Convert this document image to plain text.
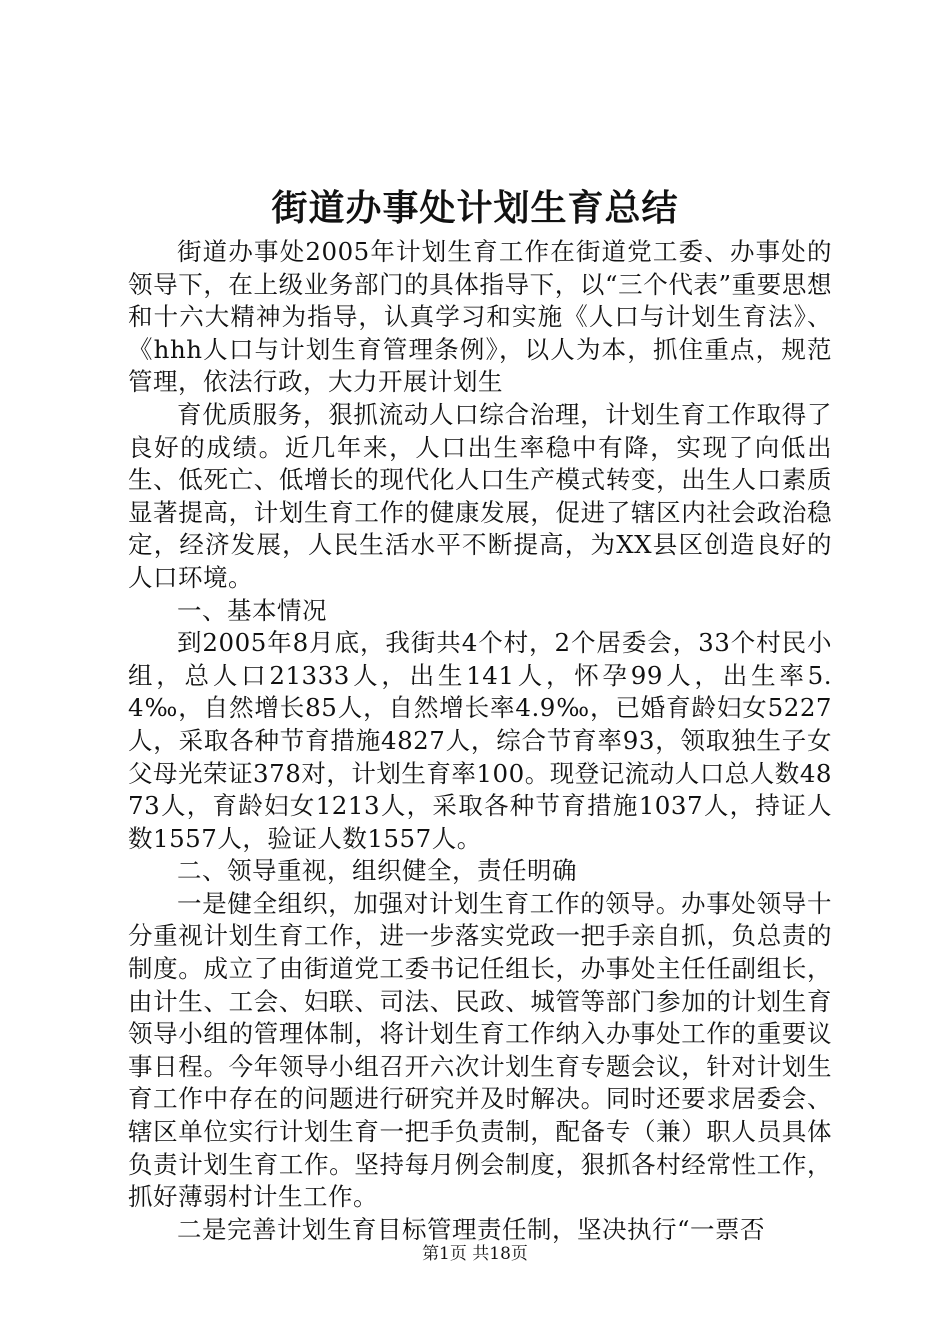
街道办事处计划生育总结

街道办事处2005年计划生育工作在街道党工委、办事处的领导下，在上级业务部门的具体指导下，以“三个代表”重要思想和十六大精神为指导，认真学习和实施《人口与计划生育法》、《hhh人口与计划生育管理条例》，以人为本，抓住重点，规范管理，依法行政，大力开展计划生

育优质服务，狠抓流动人口综合治理，计划生育工作取得了良好的成绩。近几年来，人口出生率稳中有降，实现了向低出生、低死亡、低增长的现代化人口生产模式转变，出生人口素质显著提高，计划生育工作的健康发展，促进了辖区内社会政治稳定，经济发展，人民生活水平不断提高，为XX县区创造良好的人口环境。

一、基本情况

到2005年8月底，我街共4个村，2个居委会，33个村民小组，总人口21333人，出生141人，怀孕99人，出生率5.4‰，自然增长85人，自然增长率4.9‰，已婚育龄妇女5227人，采取各种节育措施4827人，综合节育率93，领取独生子女父母光荣证378对，计划生育率100。现登记流动人口总人数4873人，育龄妇女1213人，采取各种节育措施1037人，持证人数1557人，验证人数1557人。

二、领导重视，组织健全，责任明确

一是健全组织，加强对计划生育工作的领导。办事处领导十分重视计划生育工作，进一步落实党政一把手亲自抓，负总责的制度。成立了由街道党工委书记任组长，办事处主任任副组长，由计生、工会、妇联、司法、民政、城管等部门参加的计划生育领导小组的管理体制，将计划生育工作纳入办事处工作的重要议事日程。今年领导小组召开六次计划生育专题会议，针对计划生育工作中存在的问题进行研究并及时解决。同时还要求居委会、辖区单位实行计划生育一把手负责制，配备专（兼）职人员具体负责计划生育工作。坚持每月例会制度，狠抓各村经常性工作，抓好薄弱村计生工作。

二是完善计划生育目标管理责任制，坚决执行“一票否

第1页 共18页
